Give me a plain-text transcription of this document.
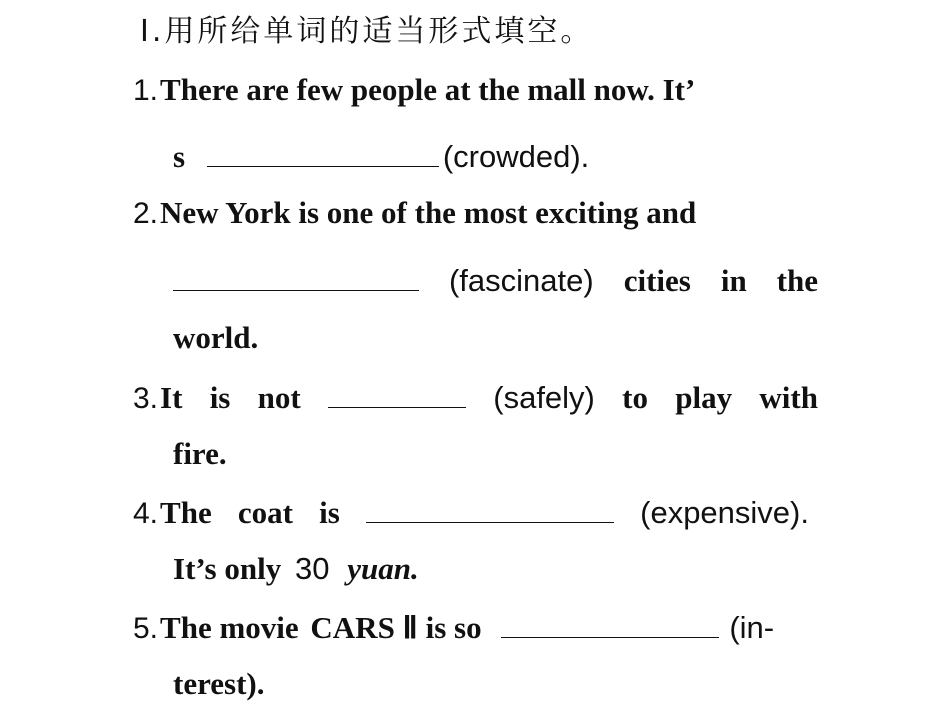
Ⅰ.用所给单词的适当形式填空。
1.There are few people at the mall now. It’
s	(crowded).
2.New York is one of the most exciting and
(fascinate) cities in the
world.
3.It is not	(safely) to play with
fire.
4.The coat is	(expensive).
It’s only 30 yuan.
5.The movie CARS Ⅱ is so	(in-
terest).
